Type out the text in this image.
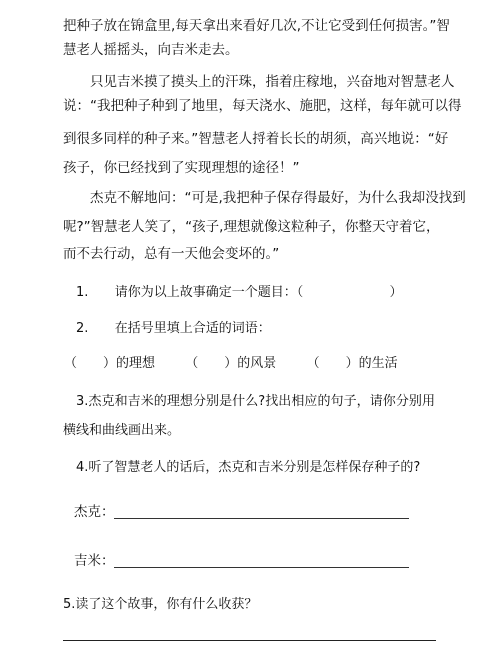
把种子放在锦盒里,每天拿出来看好几次,不让它受到任何损害。”智
慧老人摇摇头，向吉米走去。
只见吉米摸了摸头上的汗珠，指着庄稼地，兴奋地对智慧老人
说：“我把种子种到了地里，每天浇水、施肥，这样，每年就可以得
到很多同样的种子来。”智慧老人捋着长长的胡须，高兴地说：“好
孩子，你已经找到了实现理想的途径！”
杰克不解地问：“可是,我把种子保存得最好，为什么我却没找到
呢?”智慧老人笑了，“孩子,理想就像这粒种子，你整天守着它，
而不去行动，总有一天他会变坏的。”
1. 请你为以上故事确定一个题目：（	）
2. 在括号里填上合适的词语：
（　　）的理想 （　　）的风景 （　　）的生活
3.杰克和吉米的理想分别是什么?找出相应的句子，请你分别用
横线和曲线画出来。
4.听了智慧老人的话后，杰克和吉米分别是怎样保存种子的?
杰克：
吉米：
5.读了这个故事，你有什么收获？
